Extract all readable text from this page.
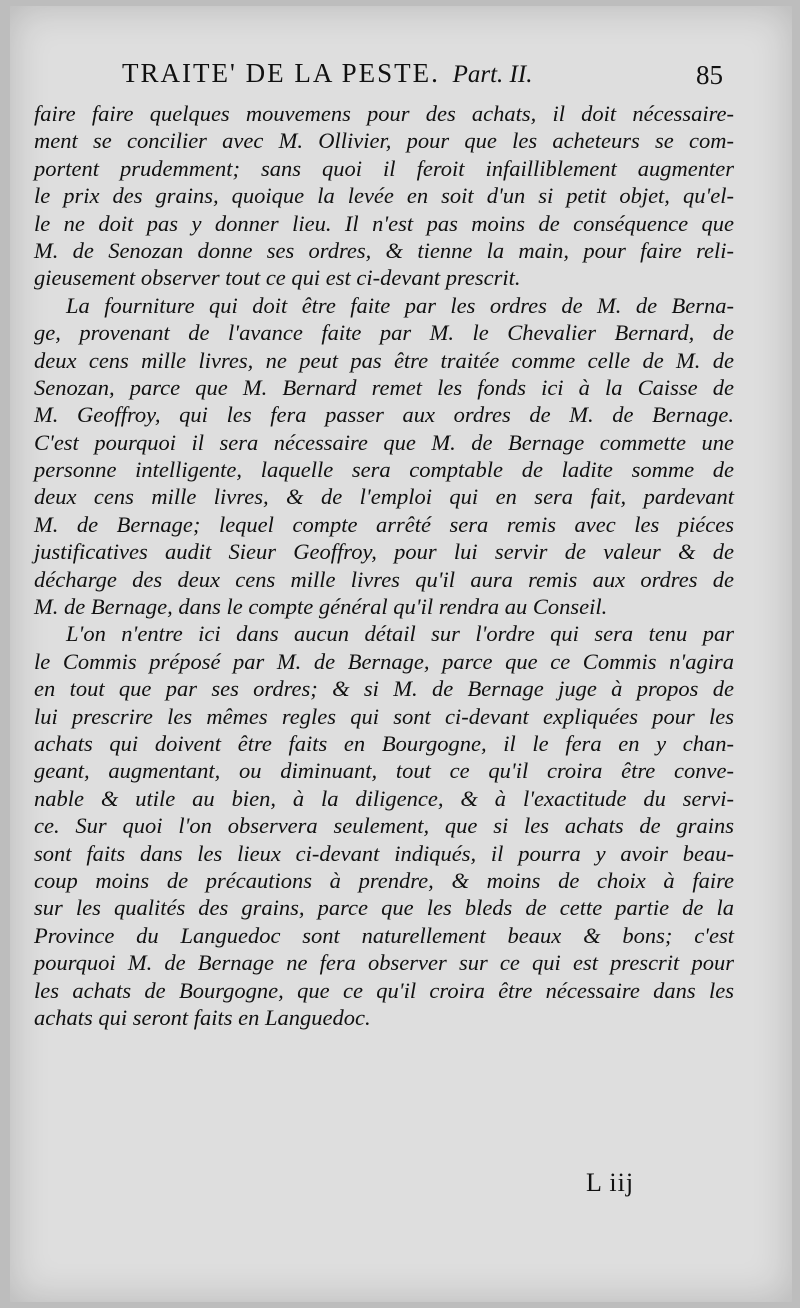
TRAITE' DE LA PESTE. Part. II.	85
faire faire quelques mouvemens pour des achats, il doit nécessaire-
ment se concilier avec M. Ollivier, pour que les acheteurs se com-
portent prudemment; sans quoi il feroit infailliblement augmenter
le prix des grains, quoique la levée en soit d'un si petit objet, qu'el-
le ne doit pas y donner lieu. Il n'est pas moins de conséquence que
M. de Senozan donne ses ordres, & tienne la main, pour faire reli-
gieusement observer tout ce qui est ci-devant prescrit.
La fourniture qui doit être faite par les ordres de M. de Berna-
ge, provenant de l'avance faite par M. le Chevalier Bernard, de
deux cens mille livres, ne peut pas être traitée comme celle de M. de
Senozan, parce que M. Bernard remet les fonds ici à la Caisse de
M. Geoffroy, qui les fera passer aux ordres de M. de Bernage.
C'est pourquoi il sera nécessaire que M. de Bernage commette une
personne intelligente, laquelle sera comptable de ladite somme de
deux cens mille livres, & de l'emploi qui en sera fait, pardevant
M. de Bernage; lequel compte arrêté sera remis avec les piéces
justificatives audit Sieur Geoffroy, pour lui servir de valeur & de
décharge des deux cens mille livres qu'il aura remis aux ordres de
M. de Bernage, dans le compte général qu'il rendra au Conseil.
L'on n'entre ici dans aucun détail sur l'ordre qui sera tenu par
le Commis préposé par M. de Bernage, parce que ce Commis n'agira
en tout que par ses ordres; & si M. de Bernage juge à propos de
lui prescrire les mêmes regles qui sont ci-devant expliquées pour les
achats qui doivent être faits en Bourgogne, il le fera en y chan-
geant, augmentant, ou diminuant, tout ce qu'il croira être conve-
nable & utile au bien, à la diligence, & à l'exactitude du servi-
ce. Sur quoi l'on observera seulement, que si les achats de grains
sont faits dans les lieux ci-devant indiqués, il pourra y avoir beau-
coup moins de précautions à prendre, & moins de choix à faire
sur les qualités des grains, parce que les bleds de cette partie de la
Province du Languedoc sont naturellement beaux & bons; c'est
pourquoi M. de Bernage ne fera observer sur ce qui est prescrit pour
les achats de Bourgogne, que ce qu'il croira être nécessaire dans les
achats qui seront faits en Languedoc.
L iij
